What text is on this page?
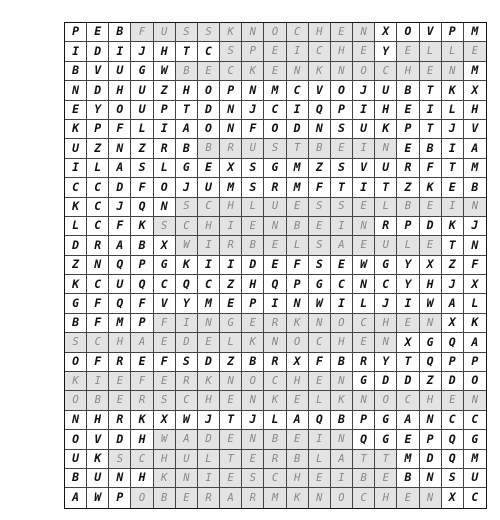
P	E	B	F	U	S	S	K	N	O	C	H	E	N	X	O	V	P	M
I	D	I	J	H	T	C	S	P	E	I	C	H	E	Y	E	L	L	E
B	V	U	G	W	B	E	C	K	E	N	K	N	O	C	H	E	N	M
N	D	H	U	Z	H	O	P	N	M	C	V	O	J	U	B	T	K	X
E	Y	O	U	P	T	D	N	J	C	I	Q	P	I	H	E	I	L	H
K	P	F	L	I	A	O	N	F	O	D	N	S	U	K	P	T	J	V
U	Z	N	Z	R	B	B	R	U	S	T	B	E	I	N	E	B	I	A
I	L	A	S	L	G	E	X	S	G	M	Z	S	V	U	R	F	T	M
C	C	D	F	O	J	U	M	S	R	M	F	T	I	T	Z	K	E	B
K	C	J	Q	N	S	C	H	L	U	E	S	S	E	L	B	E	I	N
L	C	F	K	S	C	H	I	E	N	B	E	I	N	R	P	D	K	J
D	R	A	B	X	W	I	R	B	E	L	S	A	E	U	L	E	T	N
Z	N	Q	P	G	K	I	I	D	E	F	S	E	W	G	Y	X	Z	F
K	C	U	Q	C	Q	C	Z	H	Q	P	G	C	N	C	Y	H	J	X
G	F	Q	F	V	Y	M	E	P	I	N	W	I	L	J	I	W	A	L
B	F	M	P	F	I	N	G	E	R	K	N	O	C	H	E	N	X	K
S	C	H	A	E	D	E	L	K	N	O	C	H	E	N	X	G	Q	A
O	F	R	E	F	S	D	Z	B	R	X	F	B	R	Y	T	Q	P	P
K	I	E	F	E	R	K	N	O	C	H	E	N	G	D	D	Z	D	O
O	B	E	R	S	C	H	E	N	K	E	L	K	N	O	C	H	E	N
N	H	R	K	X	W	J	T	J	L	A	Q	B	P	G	A	N	C	C
O	V	D	H	W	A	D	E	N	B	E	I	N	Q	G	E	P	Q	G
U	K	S	C	H	U	L	T	E	R	B	L	A	T	T	M	D	Q	M
B	U	N	H	K	N	I	E	S	C	H	E	I	B	E	B	N	S	U
A	W	P	O	B	E	R	A	R	M	K	N	O	C	H	E	N	X	C
